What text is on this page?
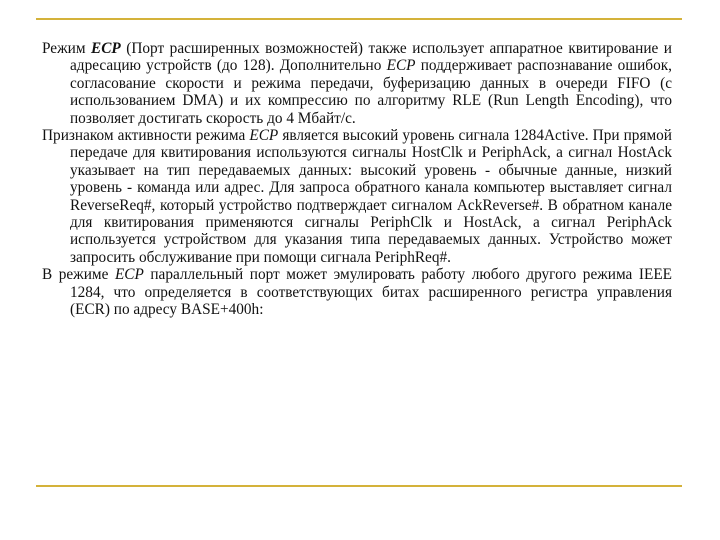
Режим ECP (Порт расширенных возможностей) также использует аппаратное квитирование и адресацию устройств (до 128). Дополнительно ECP поддерживает распознавание ошибок, согласование скорости и режима передачи, буферизацию данных в очереди FIFO (с использованием DMA) и их компрессию по алгоритму RLE (Run Length Encoding), что позволяет достигать скорость до 4 Мбайт/с.

Признаком активности режима ECP является высокий уровень сигнала 1284Active. При прямой передаче для квитирования используются сигналы HostClk и PeriphAck, а сигнал HostAck указывает на тип передаваемых данных: высокий уровень - обычные данные, низкий уровень - команда или адрес. Для запроса обратного канала компьютер выставляет сигнал ReverseReq#, который устройство подтверждает сигналом AckReverse#. В обратном канале для квитирования применяются сигналы PeriphClk и HostAck, а сигнал PeriphAck используется устройством для указания типа передаваемых данных. Устройство может запросить обслуживание при помощи сигнала PeriphReq#.

В режиме ECP параллельный порт может эмулировать работу любого другого режима IEEE 1284, что определяется в соответствующих битах расширенного регистра управления (ECR) по адресу BASE+400h:
